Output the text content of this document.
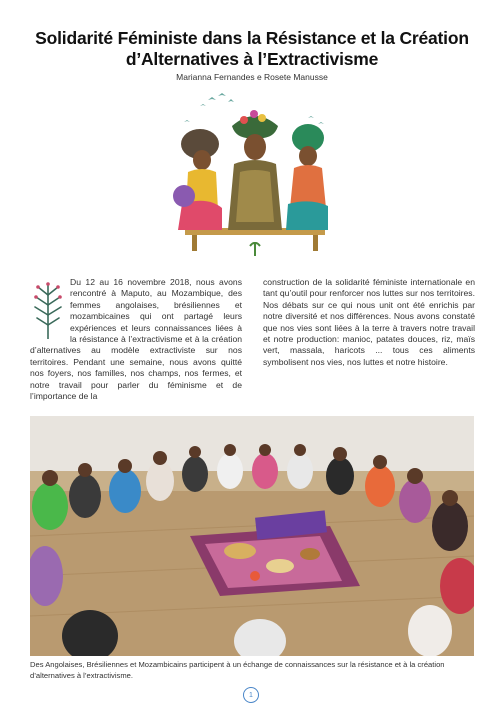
Solidarité Féministe dans la Résistance et la Création
d’Alternatives à l’Extractivisme
Marianna Fernandes e Rosete Manusse

Du 12 au 16 novembre 2018, nous avons rencontré à Maputo, au Mozambique, des femmes angolaises, brésiliennes et mozambicaines qui ont partagé leurs expériences et leurs connaissances liées à la résistance à l’extractivisme et à la création d’alternatives au modèle extractiviste sur nos territoires. Pendant une semaine, nous avons quitté nos foyers, nos familles, nos champs, nos fermes, et notre travail pour parler du féminisme et de l’importance de la

construction de la solidarité féministe internationale en tant qu’outil pour renforcer nos luttes sur nos territoires. Nos débats sur ce qui nous unit ont été enrichis par notre diversité et nos différences. Nous avons constaté que nos vies sont liées à la terre à travers notre travail et notre production: manioc, patates douces, riz, maïs vert, massala, haricots ... tous ces aliments symbolisent nos vies, nos luttes et notre histoire.

Des Angolaises, Brésiliennes et Mozambicains participent à un échange de connaissances sur la résistance et à la création d’alternatives à l’extractivisme.
1
